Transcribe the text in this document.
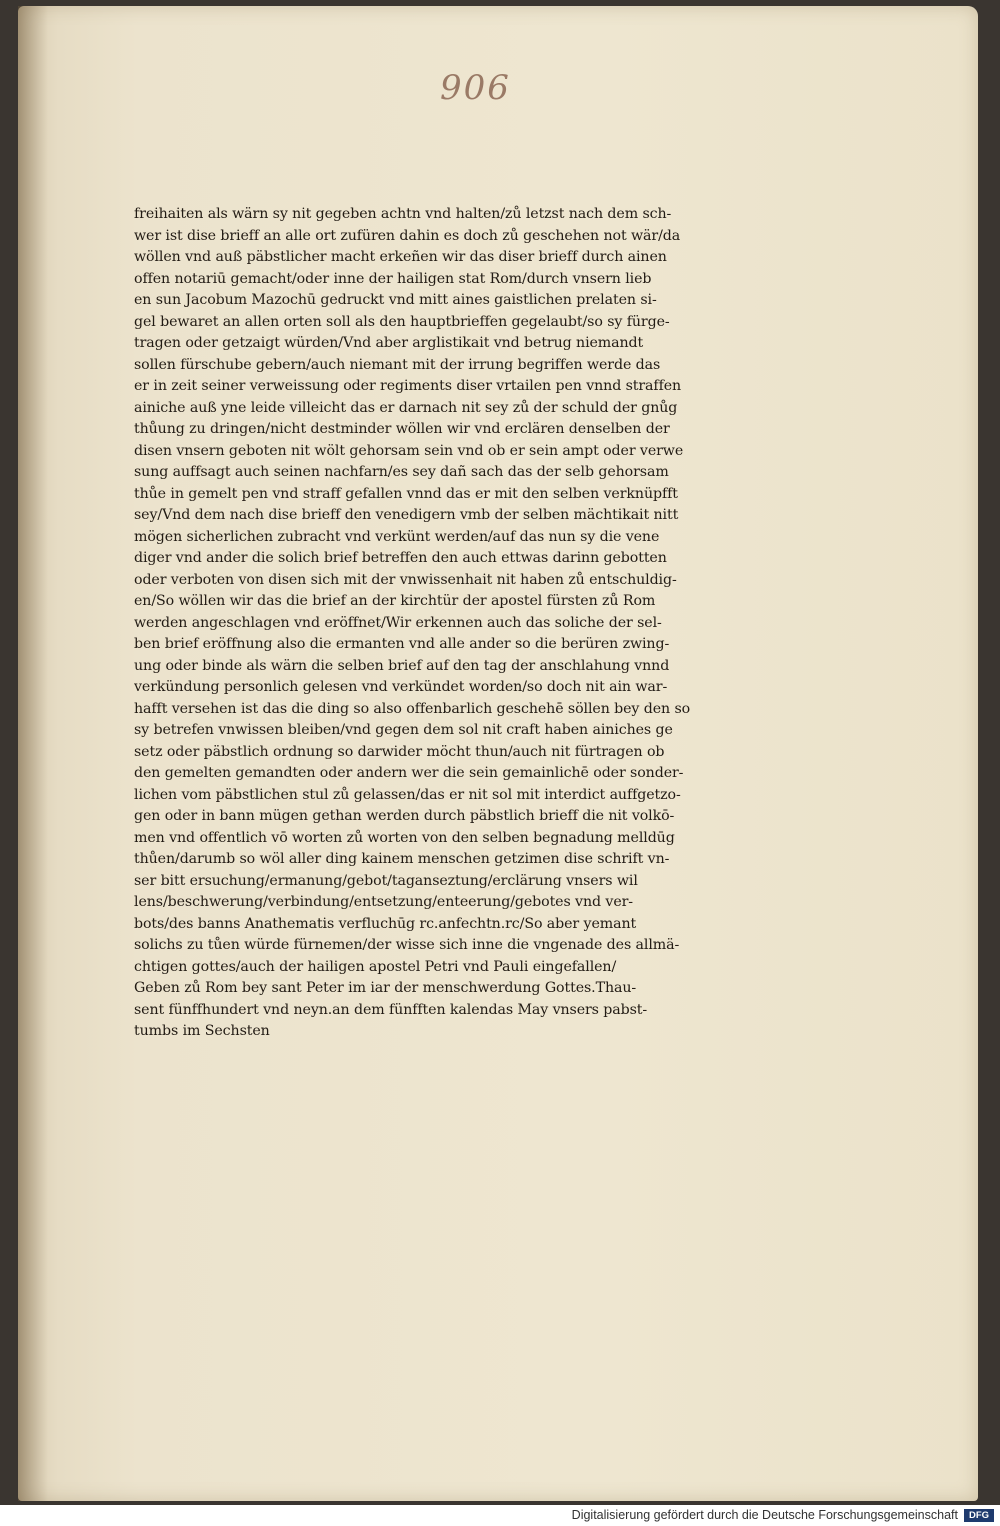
906
freihaiten als wärn sy nit gegeben achtn vnd halten/zů letzst nach dem sch-
wer ist dise brieff an alle ort zufüren dahin es doch zů geschehen not wär/da
wöllen vnd auß päbstlicher macht erkeñen wir das diser brieff durch ainen
offen notariū gemacht/oder inne der hailigen stat Rom/durch vnsern lieb
en sun Jacobum Mazochū gedruckt vnd mitt aines gaistlichen prelaten si-
gel bewaret an allen orten soll als den hauptbrieffen gegelaubt/so sy fürge-
tragen oder getzaigt würden/Vnd aber arglistikait vnd betrug niemandt
sollen fürschube gebern/auch niemant mit der irrung begriffen werde das
er in zeit seiner verweissung oder regiments diser vrtailen pen vnnd straffen
ainiche auß yne leide villeicht das er darnach nit sey zů der schuld der gnůg
thůung zu dringen/nicht destminder wöllen wir vnd erclären denselben der
disen vnsern geboten nit wölt gehorsam sein vnd ob er sein ampt oder verwe
sung auffsagt auch seinen nachfarn/es sey dañ sach das der selb gehorsam
thůe in gemelt pen vnd straff gefallen vnnd das er mit den selben verknüpfft
sey/Vnd dem nach dise brieff den venedigern vmb der selben mächtikait nitt
mögen sicherlichen zubracht vnd verkünt werden/auf das nun sy die vene
diger vnd ander die solich brief betreffen den auch ettwas darinn gebotten
oder verboten von disen sich mit der vnwissenhait nit haben zů entschuldig-
en/So wöllen wir das die brief an der kirchtür der apostel fürsten zů Rom
werden angeschlagen vnd eröffnet/Wir erkennen auch das soliche der sel-
ben brief eröffnung also die ermanten vnd alle ander so die berüren zwing-
ung oder binde als wärn die selben brief auf den tag der anschlahung vnnd
verkündung personlich gelesen vnd verkündet worden/so doch nit ain war-
hafft versehen ist das die ding so also offenbarlich geschehē söllen bey den so
sy betrefen vnwissen bleiben/vnd gegen dem sol nit craft haben ainiches ge
setz oder päbstlich ordnung so darwider möcht thun/auch nit fürtragen ob
den gemelten gemandten oder andern wer die sein gemainlichē oder sonder-
lichen vom päbstlichen stul zů gelassen/das er nit sol mit interdict auffgetzo-
gen oder in bann mügen gethan werden durch päbstlich brieff die nit volkō-
men vnd offentlich vō worten zů worten von den selben begnadung melldūg
thůen/darumb so wöl aller ding kainem menschen getzimen dise schrift vn-
ser bitt ersuchung/ermanung/gebot/taganseztung/erclärung vnsers wil
lens/beschwerung/verbindung/entsetzung/enteerung/gebotes vnd ver-
bots/des banns Anathematis verfluchūg rc.anfechtn.rc/So aber yemant
solichs zu tůen würde fürnemen/der wisse sich inne die vngenade des allmä-
chtigen gottes/auch der hailigen apostel Petri vnd Pauli eingefallen/
Geben zů Rom bey sant Peter im iar der menschwerdung Gottes.Thau-
sent fünffhundert vnd neyn.an dem fünfften kalendas May vnsers pabst-
tumbs im Sechsten
Digitalisierung gefördert durch die Deutsche Forschungsgemeinschaft	DFG
